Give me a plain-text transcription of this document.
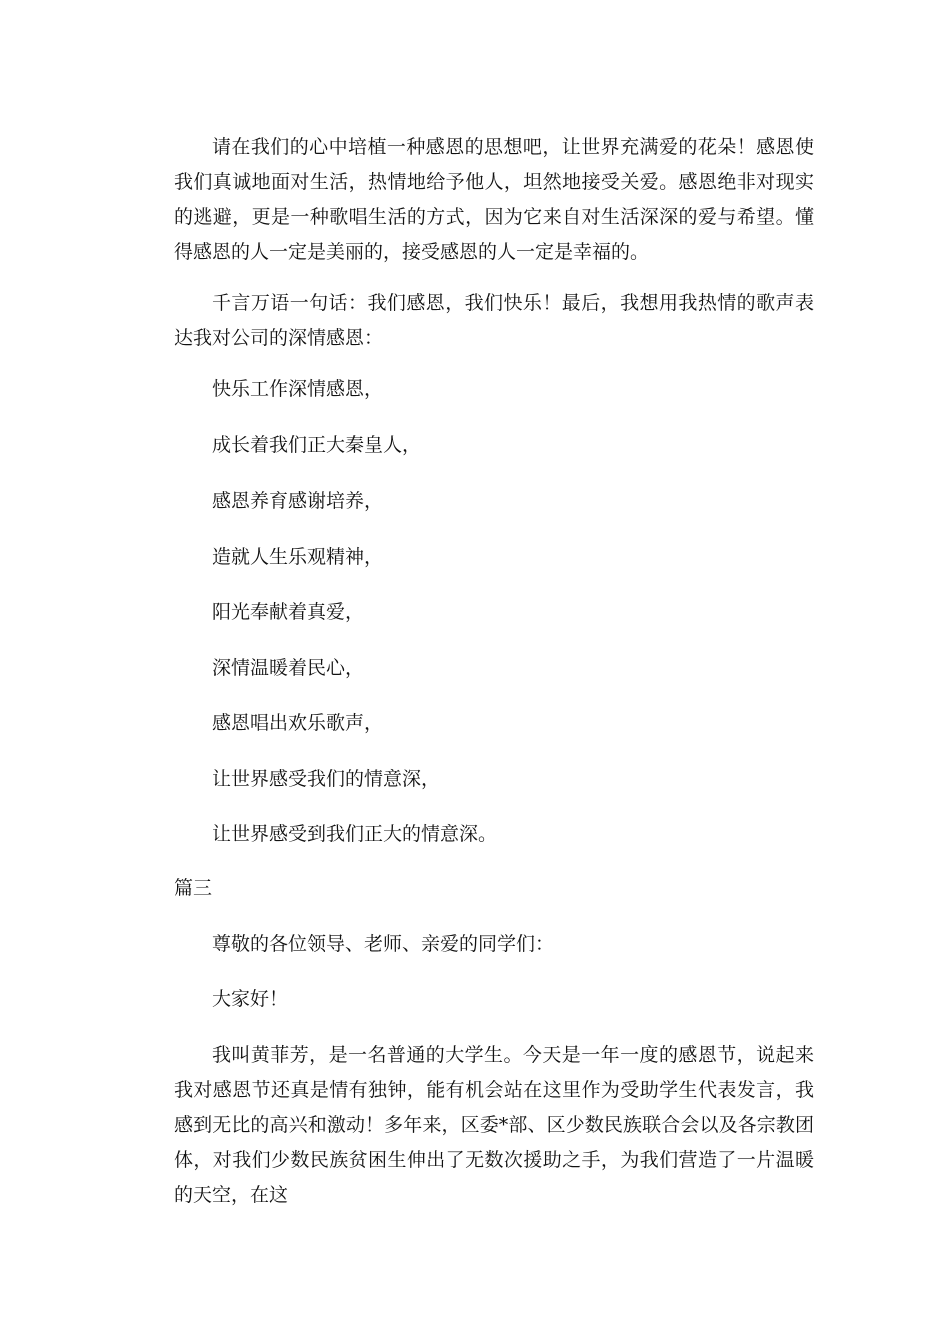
请在我们的心中培植一种感恩的思想吧，让世界充满爱的花朵！感恩使我们真诚地面对生活，热情地给予他人，坦然地接受关爱。感恩绝非对现实的逃避，更是一种歌唱生活的方式，因为它来自对生活深深的爱与希望。懂得感恩的人一定是美丽的，接受感恩的人一定是幸福的。
千言万语一句话：我们感恩，我们快乐！最后，我想用我热情的歌声表达我对公司的深情感恩：
快乐工作深情感恩，
成长着我们正大秦皇人，
感恩养育感谢培养，
造就人生乐观精神，
阳光奉献着真爱，
深情温暖着民心，
感恩唱出欢乐歌声，
让世界感受我们的情意深，
让世界感受到我们正大的情意深。
篇三
尊敬的各位领导、老师、亲爱的同学们：
大家好！
我叫黄菲芳，是一名普通的大学生。今天是一年一度的感恩节，说起来我对感恩节还真是情有独钟，能有机会站在这里作为受助学生代表发言，我感到无比的高兴和激动！多年来，区委*部、区少数民族联合会以及各宗教团体，对我们少数民族贫困生伸出了无数次援助之手，为我们营造了一片温暖的天空，在这
